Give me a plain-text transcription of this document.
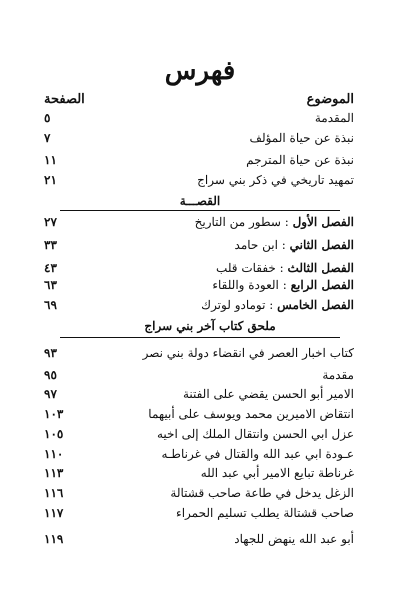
فهرس
الموضوع
الصفحة
المقدمة
٥
نبذة عن حياة المؤلف
٧
نبذة عن حياة المترجم
١١
تمهيد تاريخي في ذكر بني سراج
٢١
القصـــة
الفصل الأول : سطور من التاريخ
٢٧
الفصل الثاني : ابن حامد
٣٣
الفصل الثالث : خفقات قلب
٤٣
الفصل الرابع : العودة واللقاء
٦٣
الفصل الخامس : تومادو لوترك
٦٩
ملحق كتاب آخر بني سراج
كتاب اخبار العصر في انقضاء دولة بني نصر
٩٣
مقدمة
٩٥
الامير أبو الحسن يقضي على الفتنة
٩٧
انتقاض الاميرين محمد ويوسف على أبيهما
١٠٣
عزل ابي الحسن وانتقال الملك إلى اخيه
١٠٥
عـودة ابي عبد الله والقتال في غرناطـه
١١٠
غرناطة تبايع الامير أبي عبد الله
١١٣
الزغل يدخل في طاعة صاحب قشتالة
١١٦
صاحب قشتالة يطلب تسليم الحمراء
١١٧
أبو عبد الله ينهض للجهاد
١١٩
